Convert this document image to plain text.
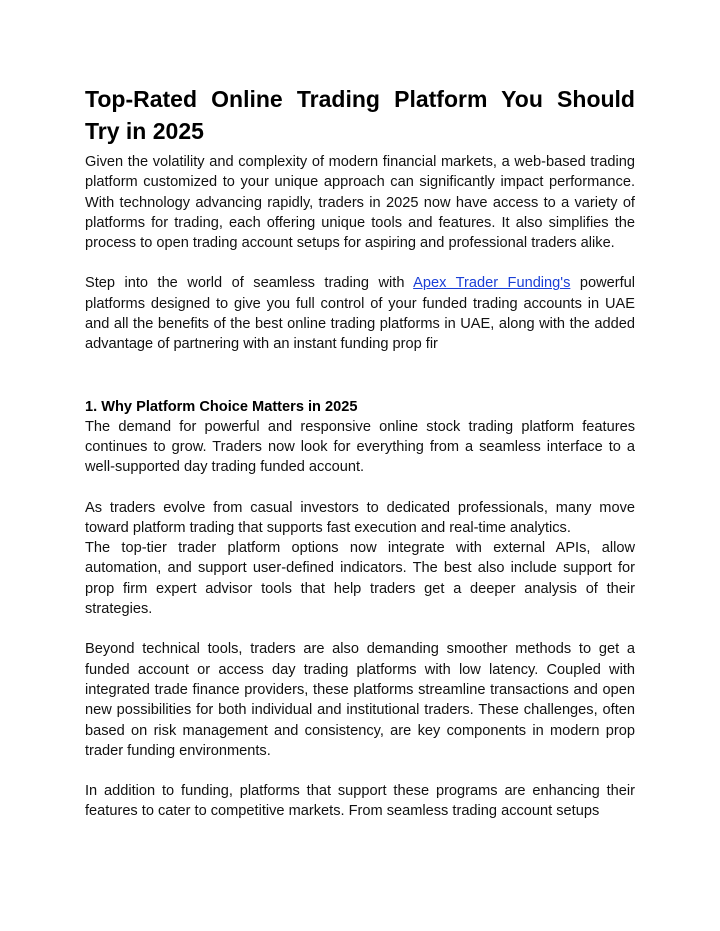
Top-Rated Online Trading Platform You Should Try in 2025

Given the volatility and complexity of modern financial markets, a web-based trading platform customized to your unique approach can significantly impact performance. With technology advancing rapidly, traders in 2025 now have access to a variety of platforms for trading, each offering unique tools and features. It also simplifies the process to open trading account setups for aspiring and professional traders alike.

Step into the world of seamless trading with Apex Trader Funding's powerful platforms designed to give you full control of your funded trading accounts in UAE and all the benefits of the best online trading platforms in UAE, along with the added advantage of partnering with an instant funding prop fir

1. Why Platform Choice Matters in 2025

The demand for powerful and responsive online stock trading platform features continues to grow. Traders now look for everything from a seamless interface to a well-supported day trading funded account.

As traders evolve from casual investors to dedicated professionals, many move toward platform trading that supports fast execution and real-time analytics.

The top-tier trader platform options now integrate with external APIs, allow automation, and support user-defined indicators. The best also include support for prop firm expert advisor tools that help traders get a deeper analysis of their strategies.

Beyond technical tools, traders are also demanding smoother methods to get a funded account or access day trading platforms with low latency. Coupled with integrated trade finance providers, these platforms streamline transactions and open new possibilities for both individual and institutional traders. These challenges, often based on risk management and consistency, are key components in modern prop trader funding environments.

In addition to funding, platforms that support these programs are enhancing their features to cater to competitive markets. From seamless trading account setups
